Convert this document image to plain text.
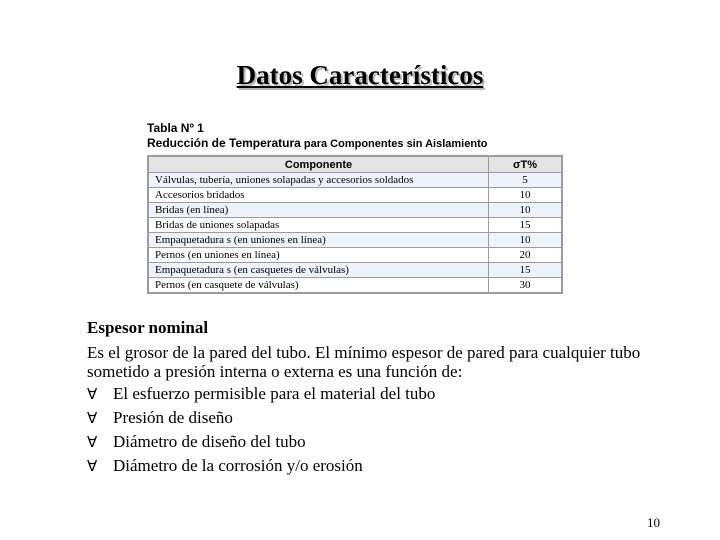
Datos Característicos
Tabla Nº 1
Reducción de Temperatura para Componentes sin Aislamiento
Componente	σT%
Válvulas, tubería, uniones solapadas y accesorios soldados	5
Accesorios bridados	10
Bridas (en línea)	10
Bridas de uniones solapadas	15
Empaquetadura s (en uniones en línea)	10
Pernos (en uniones en línea)	20
Empaquetadura s (en casquetes de válvulas)	15
Pernos (en casquete de válvulas)	30
Espesor nominal
Es el grosor de la pared del tubo. El mínimo espesor de pared para cualquier tubo sometido a presión interna o externa es una función de:
∀ El esfuerzo permisible para el material del tubo
∀ Presión de diseño
∀ Diámetro de diseño del tubo
∀ Diámetro de la corrosión y/o erosión
10
